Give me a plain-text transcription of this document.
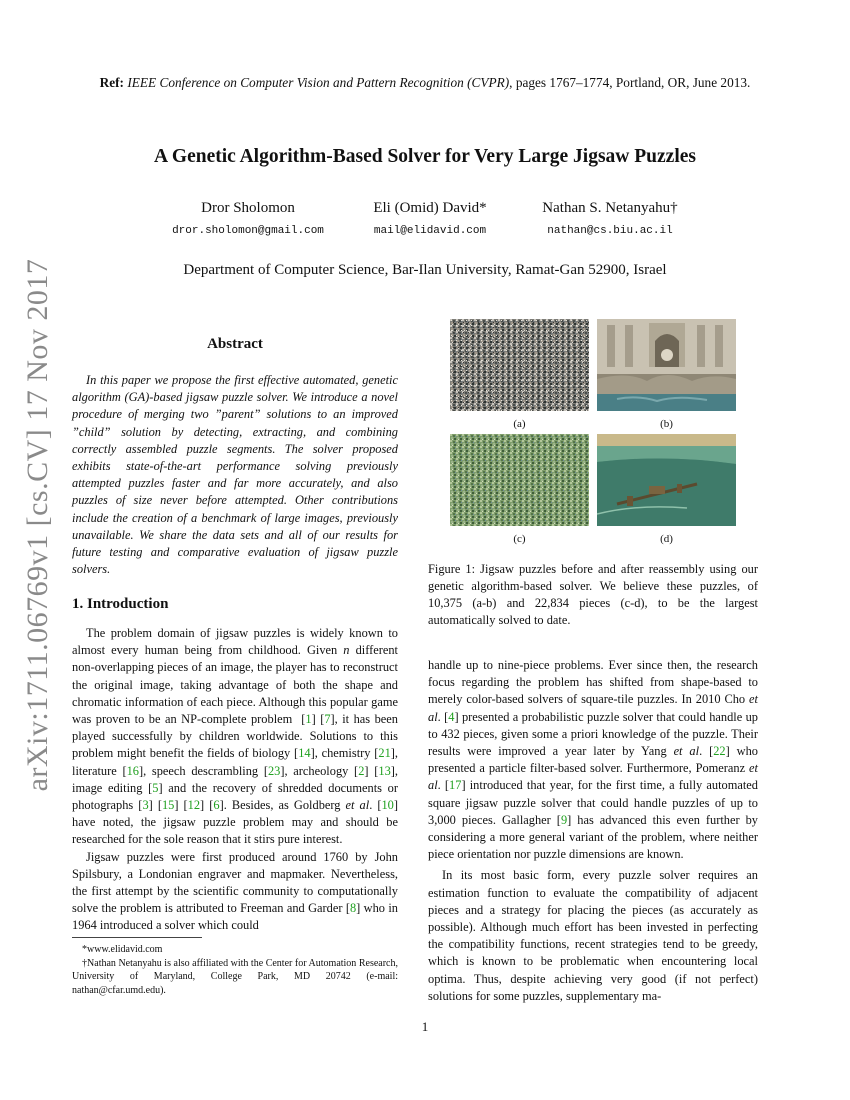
Ref: IEEE Conference on Computer Vision and Pattern Recognition (CVPR), pages 1767–1774, Portland, OR, June 2013.
A Genetic Algorithm-Based Solver for Very Large Jigsaw Puzzles
Dror Sholomon
dror.sholomon@gmail.com
Eli (Omid) David*
mail@elidavid.com
Nathan S. Netanyahu†
nathan@cs.biu.ac.il
Department of Computer Science, Bar-Ilan University, Ramat-Gan 52900, Israel
arXiv:1711.06769v1 [cs.CV] 17 Nov 2017	Abstract
In this paper we propose the first effective automated, genetic algorithm (GA)-based jigsaw puzzle solver. We introduce a novel procedure of merging two ”parent” solutions to an improved ”child” solution by detecting, extracting, and combining correctly assembled puzzle segments. The solver proposed exhibits state-of-the-art performance solving previously attempted puzzles faster and far more accurately, and also puzzles of size never before attempted. Other contributions include the creation of a benchmark of large images, previously unavailable. We share the data sets and all of our results for future testing and comparative evaluation of jigsaw puzzle solvers.
1. Introduction

The problem domain of jigsaw puzzles is widely known to almost every human being from childhood. Given n different non-overlapping pieces of an image, the player has to reconstruct the original image, taking advantage of both the shape and chromatic information of each piece. Although this popular game was proven to be an NP-complete problem  [1] [7], it has been played successfully by children worldwide. Solutions to this problem might benefit the fields of biology [14], chemistry [21], literature [16], speech descrambling [23], archeology [2] [13], image editing [5] and the recovery of shredded documents or photographs [3] [15] [12] [6]. Besides, as Goldberg et al. [10] have noted, the jigsaw puzzle problem may and should be researched for the sole reason that it stirs pure interest.

Jigsaw puzzles were first produced around 1760 by John Spilsbury, a Londonian engraver and mapmaker. Nevertheless, the first attempt by the scientific community to computationally solve the problem is attributed to Freeman and Garder [8] who in 1964 introduced a solver which could

*www.elidavid.com

†Nathan Netanyahu is also affiliated with the Center for Automation Research, University of Maryland, College Park, MD 20742 (e-mail: nathan@cfar.umd.edu).

(a)	(b)
(c)	(d)
Figure 1: Jigsaw puzzles before and after reassembly using our genetic algorithm-based solver. We believe these puzzles, of 10,375 (a-b) and 22,834 pieces (c-d), to be the largest automatically solved to date.

handle up to nine-piece problems. Ever since then, the research focus regarding the problem has shifted from shape-based to merely color-based solvers of square-tile puzzles. In 2010 Cho et al. [4] presented a probabilistic puzzle solver that could handle up to 432 pieces, given some a priori knowledge of the puzzle. Their results were improved a year later by Yang et al. [22] who presented a particle filter-based solver. Furthermore, Pomeranz et al. [17] introduced that year, for the first time, a fully automated square jigsaw puzzle solver that could handle puzzles of up to 3,000 pieces. Gallagher [9] has advanced this even further by considering a more general variant of the problem, where neither piece orientation nor puzzle dimensions are known.

In its most basic form, every puzzle solver requires an estimation function to evaluate the compatibility of adjacent pieces and a strategy for placing the pieces (as accurately as possible). Although much effort has been invested in perfecting the compatibility functions, recent strategies tend to be greedy, which is known to be problematic when encountering local optima. Thus, despite achieving very good (if not perfect) solutions for some puzzles, supplementary ma-

1
